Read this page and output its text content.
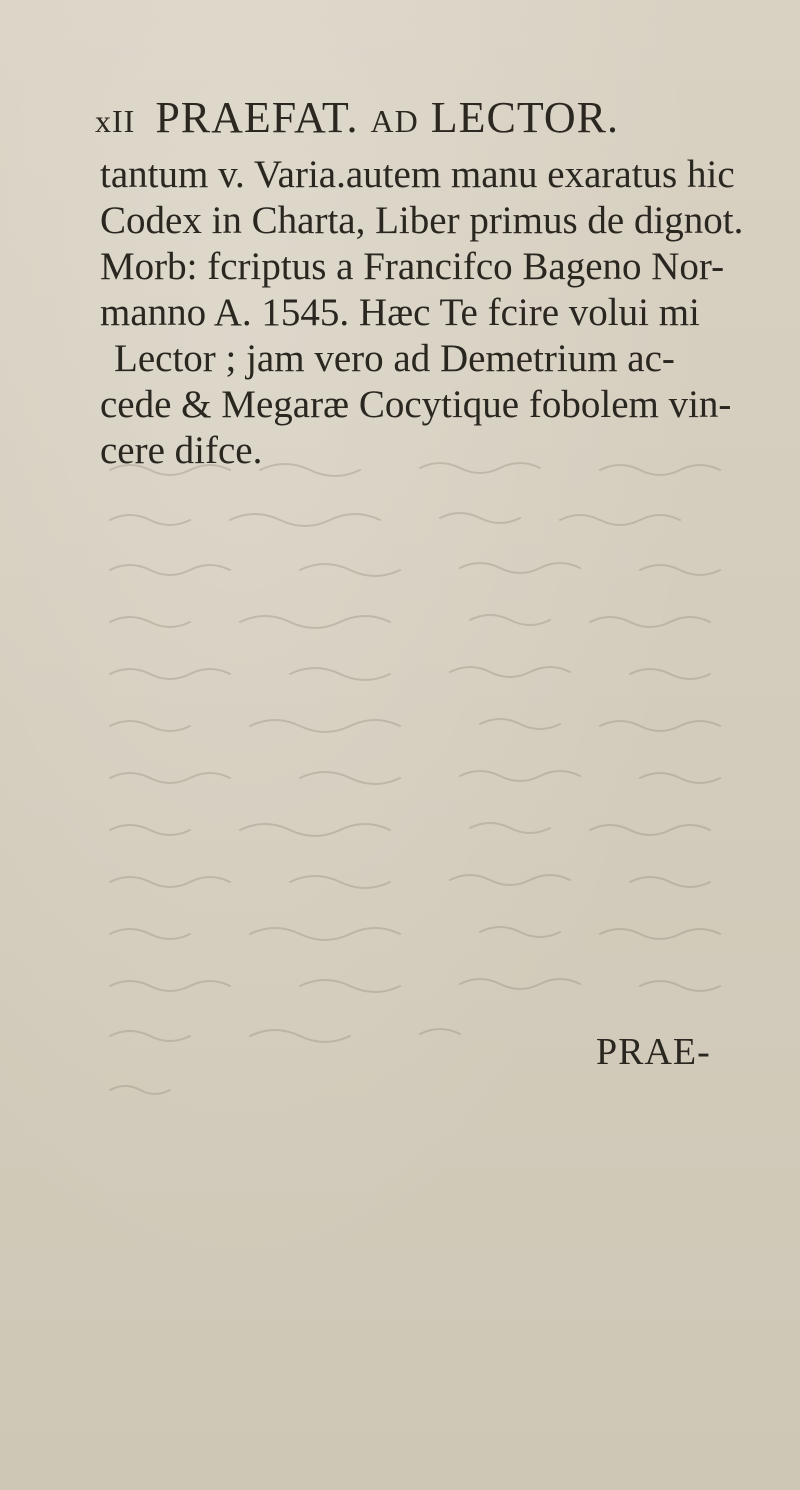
xII PRAEFAT. AD LECTOR.
tantum v. Varia.autem manu exaratus hic
Codex in Charta, Liber primus de dignot.
Morb: fcriptus a Francifco Bageno Nor-
manno A. 1545. Hæc Te fcire volui mi
Lector ; jam vero ad Demetrium ac-
cede & Megaræ Cocytique fobolem vin-
cere difce.
PRAE-
